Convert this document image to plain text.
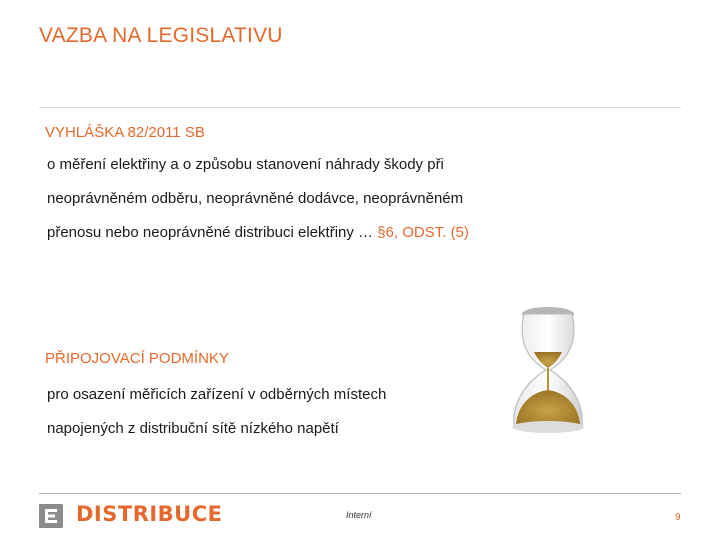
VAZBA NA LEGISLATIVU
VYHLÁŠKA 82/2011 SB
o měření elektřiny a o způsobu stanovení náhrady škody při
neoprávněném odběru, neoprávněné dodávce, neoprávněném
přenosu nebo neoprávněné distribuci elektřiny … §6, ODST. (5)
PŘIPOJOVACÍ PODMÍNKY
pro osazení měřicích zařízení v odběrných místech
napojených z distribuční sítě nízkého napětí
DISTRIBUCE	Interní	9
